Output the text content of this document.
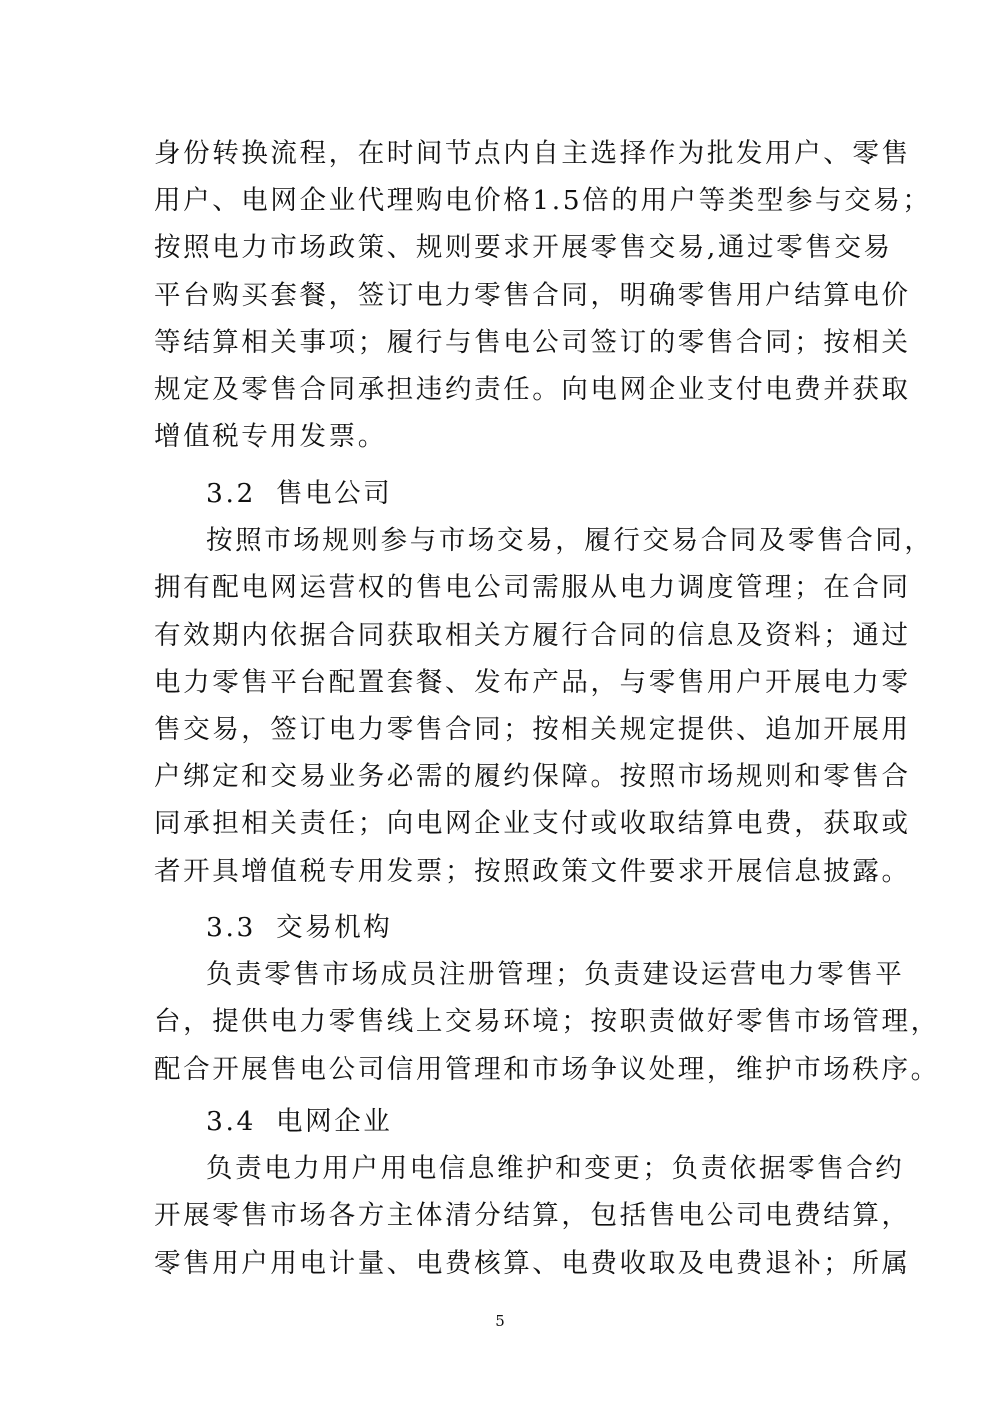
身份转换流程，在时间节点内自主选择作为批发用户、零售
用户、电网企业代理购电价格1.5倍的用户等类型参与交易；
按照电力市场政策、规则要求开展零售交易,通过零售交易
平台购买套餐，签订电力零售合同，明确零售用户结算电价
等结算相关事项；履行与售电公司签订的零售合同；按相关
规定及零售合同承担违约责任。向电网企业支付电费并获取
增值税专用发票。
3.2 售电公司
按照市场规则参与市场交易，履行交易合同及零售合同，
拥有配电网运营权的售电公司需服从电力调度管理；在合同
有效期内依据合同获取相关方履行合同的信息及资料；通过
电力零售平台配置套餐、发布产品，与零售用户开展电力零
售交易，签订电力零售合同；按相关规定提供、追加开展用
户绑定和交易业务必需的履约保障。按照市场规则和零售合
同承担相关责任；向电网企业支付或收取结算电费，获取或
者开具增值税专用发票；按照政策文件要求开展信息披露。
3.3 交易机构
负责零售市场成员注册管理；负责建设运营电力零售平
台，提供电力零售线上交易环境；按职责做好零售市场管理，
配合开展售电公司信用管理和市场争议处理，维护市场秩序。
3.4 电网企业
负责电力用户用电信息维护和变更；负责依据零售合约
开展零售市场各方主体清分结算，包括售电公司电费结算，
零售用户用电计量、电费核算、电费收取及电费退补；所属
5
